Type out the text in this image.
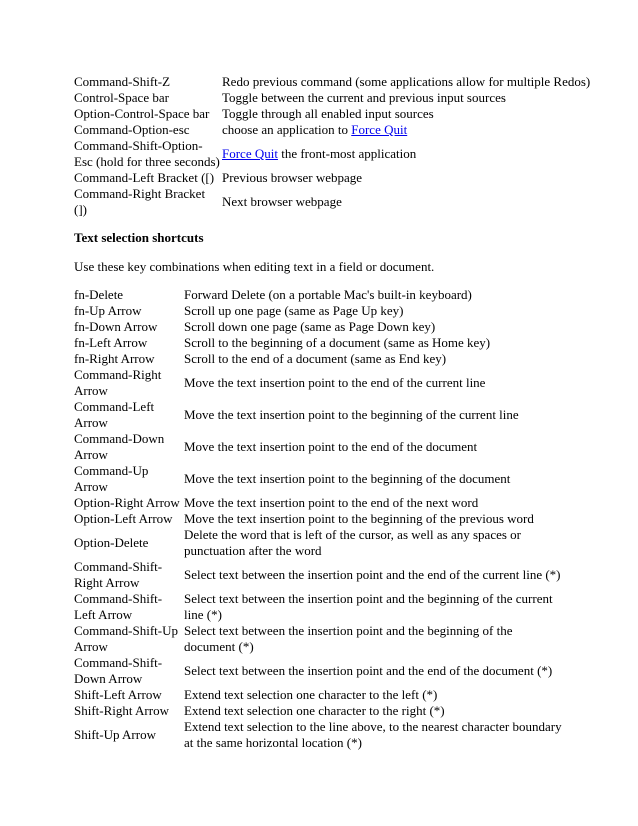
Command-Shift-Z	Redo previous command (some applications allow for multiple Redos)
Control-Space bar	Toggle between the current and previous input sources
Option-Control-Space bar	Toggle through all enabled input sources
Command-Option-esc	choose an application to Force Quit
Command-Shift-Option-Esc (hold for three seconds)	Force Quit the front-most application
Command-Left Bracket ([)	Previous browser webpage
Command-Right Bracket (])	Next browser webpage
Text selection shortcuts
Use these key combinations when editing text in a field or document.
fn-Delete	Forward Delete (on a portable Mac's built-in keyboard)
fn-Up Arrow	Scroll up one page (same as Page Up key)
fn-Down Arrow	Scroll down one page (same as Page Down key)
fn-Left Arrow	Scroll to the beginning of a document (same as Home key)
fn-Right Arrow	Scroll to the end of a document (same as End key)
Command-Right Arrow	Move the text insertion point to the end of the current line
Command-Left Arrow	Move the text insertion point to the beginning of the current line
Command-Down Arrow	Move the text insertion point to the end of the document
Command-Up Arrow	Move the text insertion point to the beginning of the document
Option-Right Arrow	Move the text insertion point to the end of the next word
Option-Left Arrow	Move the text insertion point to the beginning of the previous word
Option-Delete	Delete the word that is left of the cursor, as well as any spaces or punctuation after the word
Command-Shift-Right Arrow	Select text between the insertion point and the end of the current line (*)
Command-Shift-Left Arrow	Select text between the insertion point and the beginning of the current line (*)
Command-Shift-Up Arrow	Select text between the insertion point and the beginning of the document (*)
Command-Shift-Down Arrow	Select text between the insertion point and the end of the document (*)
Shift-Left Arrow	Extend text selection one character to the left (*)
Shift-Right Arrow	Extend text selection one character to the right (*)
Shift-Up Arrow	Extend text selection to the line above, to the nearest character boundary at the same horizontal location (*)
